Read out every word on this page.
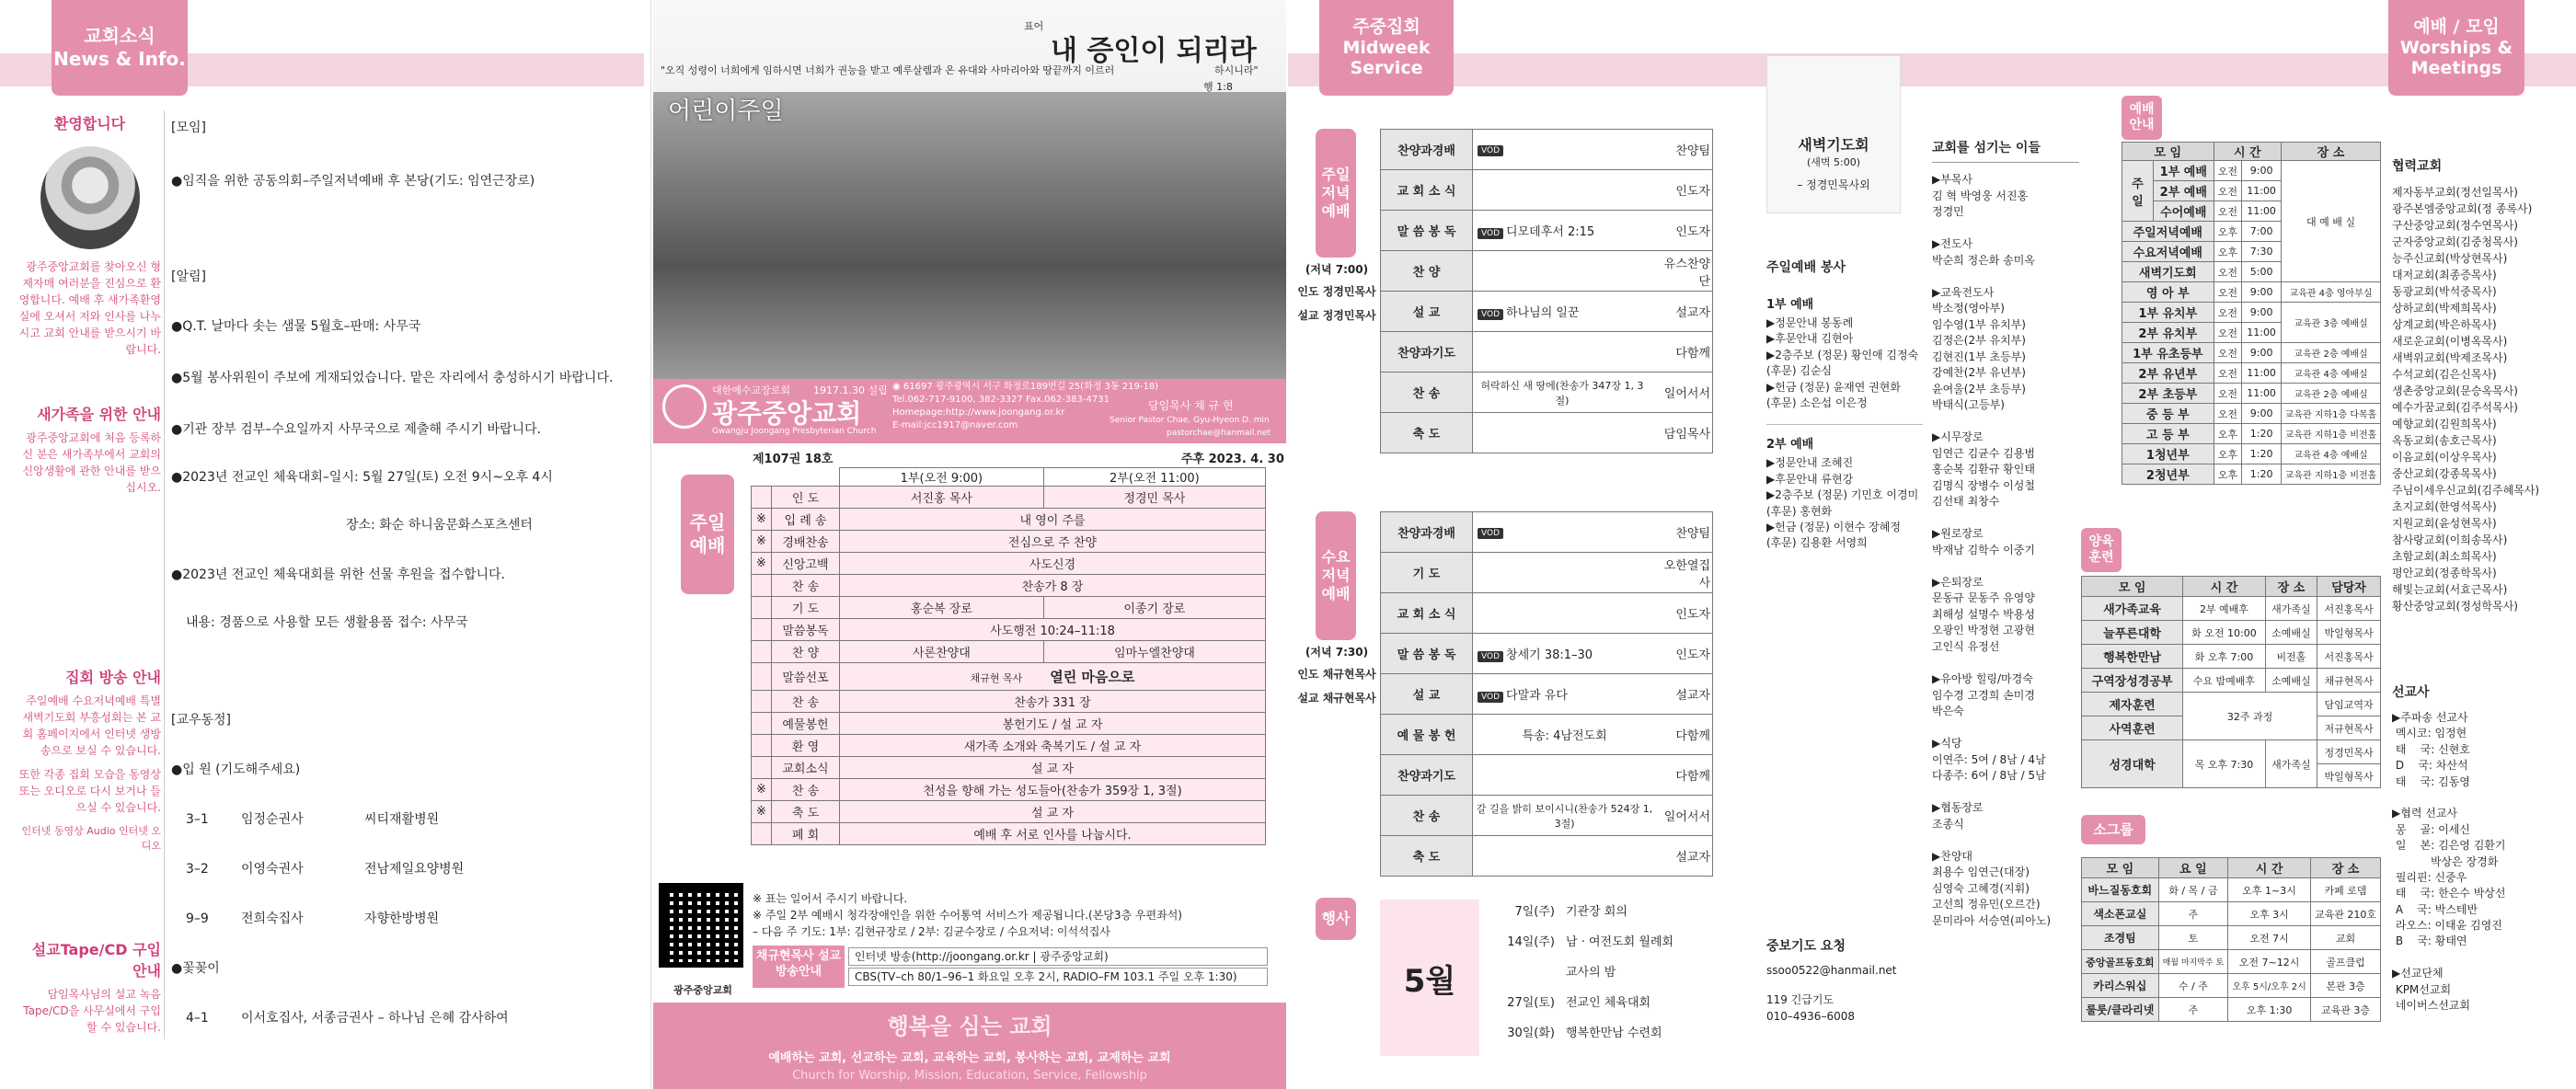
교회소식
News & Info.
환영합니다
광주중앙교회를 찾아오신 형제자매 여러분을 진심으로 환영합니다. 예배 후 새가족환영실에 오셔서 저와 인사를 나누시고 교회 안내를 받으시기 바랍니다.
새가족을 위한 안내
광주중앙교회에 처음 등록하신 분은 새가족부에서 교회의 신앙생활에 관한 안내를 받으십시오.
집회 방송 안내
주일예배 수요저녁예배 특별새벽기도회 부흥성회는 본 교회 홈페이지에서 인터넷 생방송으로 보실 수 있습니다.
또한 각종 집회 모습을 동영상 또는 오디오로 다시 보거나 들으실 수 있습니다.
인터넷 동영상 Audio 인터넷 오디오
설교Tape/CD 구입안내
담임목사님의 설교 녹음 Tape/CD을 사무실에서 구입할 수 있습니다.
[모임]
●임직을 위한 공동의회–주일저녁예배 후 본당(기도: 임연근장로)
[알림]
●Q.T. 날마다 솟는 샘물 5월호–판매: 사무국
●5월 봉사위원이 주보에 게재되었습니다. 맡은 자리에서 충성하시기 바랍니다.
●기관 장부 검부–수요일까지 사무국으로 제출해 주시기 바랍니다.
●2023년 전교인 체육대회–일시: 5월 27일(토) 오전 9시~오후 4시
장소: 화순 하니움문화스포츠센터
●2023년 전교인 체육대회를 위한 선물 후원을 접수합니다.
내용: 경품으로 사용할 모든 생활용품 접수: 사무국
[교우동정]
●입 원 (기도해주세요)
3–1	임정순권사	씨티재활병원
3–2	이영숙권사	전남제일요양병원
9–9	전희숙집사	자향한방병원
●꽃꽂이
4–1	이서호집사, 서종금권사 – 하나님 은혜 감사하여
"오직 성령이 너희에게 임하시면 너희가 권능을 받고 예루살렘과 온 유대와 사마리아와 땅끝까지 이르러
표어
내 증인이 되리라
하시니라"
행 1:8
어린이주일
대한예수교장로회 1917.1.30 설립
광주중앙교회
Gwangju Joongang Presbyterian Church
◉ 61697 광주광역시 서구 화정로189번길 25(화정 3동 219-18)
Tel.062-717-9100, 382-3327 Fax.062-383-4731
Homepage:http://www.joongang.or.kr
E-mail:jcc1917@naver.com
담임목사 채 규 현
Senior Pastor Chae, Gyu-Hyeon D. min
pastorchae@hanmail.net
주일 예배
제107권 18호	주후 2023. 4. 30
		1부(오전 9:00)	2부(오전 11:00)
	인 도	서진홍 목사	정경민 목사
※	입 례 송	내 영이 주를	
※	경배찬송	전심으로 주 찬양	
※	신앙고백	사도신경	
	찬 송	찬송가 8 장	
	기 도	홍순복 장로	이종기 장로
	말씀봉독	사도행전 10:24–11:18	
	찬 양	사론찬양대	임마누엘찬양대
	말씀선포	채규현 목사 열린 마음으로	
	찬 송	찬송가 331 장	
	예물봉헌	봉헌기도 / 설 교 자	
	환 영	새가족 소개와 축복기도 / 설 교 자	
	교회소식	설 교 자	
※	찬 송	천성을 향해 가는 성도들아(찬송가 359장 1, 3절)	
※	축 도	설 교 자	
	폐 회	예배 후 서로 인사를 나눕시다.	
※ 표는 일어서 주시기 바랍니다.
※ 주일 2부 예배시 청각장애인을 위한 수어통역 서비스가 제공됩니다.(본당3층 우편좌석)
– 다음 주 기도: 1부: 김현규장로 / 2부: 김균수장로 / 수요저녁: 이석석집사
광주중앙교회
채규현목사 설교방송안내
인터넷 방송(http://joongang.or.kr | 광주중앙교회)
CBS(TV–ch 80/1–96–1 화요일 오후 2시, RADIO–FM 103.1 주일 오후 1:30)
행복을 심는 교회
예배하는 교회, 선교하는 교회, 교육하는 교회, 봉사하는 교회, 교제하는 교회
Church for Worship, Mission, Education, Service, Fellowship
주중집회
Midweek
Service
주일 저녁 예배
(저녁 7:00)
인도 정경민목사
설교 정경민목사
찬양과경배	VOD	찬양팀
교 회 소 식		인도자
말 씀 봉 독	VOD 디모데후서 2:15	인도자
찬 양		유스찬양단
설 교	VOD 하나님의 일꾼	설교자
찬양과기도		다함께
찬 송	허락하신 새 땅에(찬송가 347장 1, 3절)	일어서서
축 도		담임목사
수요 저녁 예배
(저녁 7:30)
인도 채규현목사
설교 채규현목사
찬양과경배	VOD	찬양팀
기 도		오한열집사
교 회 소 식		인도자
말 씀 봉 독	VOD 창세기 38:1–30	인도자
설 교	VOD 다말과 유다	설교자
예 물 봉 헌	특송: 4남전도회	다함께
찬양과기도		다함께
찬 송	갈 길을 밝히 보이시니(찬송가 524장 1, 3절)	일어서서
축 도		설교자
행사
5월
7일(주) 기관장 회의
14일(주) 남 · 여전도회 월례회
교사의 밤
27일(토) 전교인 체육대회
30일(화) 행복한만남 수련회
새벽기도회
(새벽 5:00)
– 정경민목사외
주일예배 봉사
1부 예배
▶정문안내 봉동례
▶후문안내 김현아
▶2층주보 (정문) 황인애 김정숙
(후문) 김순심
▶헌금 (정문) 윤재연 권현화
(후문) 소은섭 이은정
2부 예배
▶정문안내 조혜진
▶후문안내 류현강
▶2층주보 (정문) 기민호 이경미
(후문) 홍현화
▶헌금 (정문) 이현수 장혜정
(후문) 김용환 서영희
중보기도 요청
ssoo0522@hanmail.net
119 긴급기도
010–4936–6008
교회를 섬기는 이들
▶부목사
김 혁 박영웅 서진홍
정경민

▶전도사
박순희 정은화 송미옥

▶교육전도사
박소정(영아부)
임수영(1부 유치부)
김정은(2부 유치부)
김현진(1부 초등부)
강예찬(2부 유년부)
윤여울(2부 초등부)
박태식(고등부)

▶시무장로
임연근 김균수 김용범
홍순복 김환규 황인태
김명식 장병수 이성철
김선태 최창수

▶원로장로
박재남 김학수 이중기

▶은퇴장로
문동규 문동주 유영양
최해성 설명수 박용성
오광인 박정현 고광현
고인식 유정선

▶유아방 힐링/마경숙
임수경 고경희 손미경
박은숙

▶식당
이연주: 5여 / 8남 / 4남
다종주: 6여 / 8남 / 5남

▶협동장로
조종식

▶찬양대
최용수 임연근(대장)
심영숙 고혜경(지휘)
고선희 정유민(오르간)
문미라아 서승연(피아노)
예배 / 모임
Worships &
Meetings
예배 안내
모 임		시 간		장 소
주 일	1부 예배	오전	9:00	대 예 배 실
	2부 예배	오전	11:00	
	수어예배	오전	11:00	
주일저녁예배		오후	7:00	
수요저녁예배		오후	7:30	
새벽기도회		오전	5:00	
영 아 부		오전	9:00	교육관 4층 영아부실
1부 유치부		오전	9:00	교육관 3층 예배실
2부 유치부		오전	11:00	
1부 유초등부		오전	9:00	교육관 2층 예배실
2부 유년부		오전	11:00	교육관 4층 예배실
2부 초등부		오전	11:00	교육관 2층 예배실
중 등 부		오전	9:00	교육관 지하1층 다목홀
고 등 부		오후	1:20	교육관 지하1층 비전홀
1청년부		오후	1:20	교육관 4층 예배실
2청년부		오후	1:20	교육관 지하1층 비전홀
양육 훈련
모 임	시 간	장 소	담당자
새가족교육	2부 예배후	새가족실	서진홍목사
늘푸른대학	화 오전 10:00	소예배실	박일형목사
행복한만남	화 오후 7:00	비전홀	서진홍목사
구역장성경공부	수요 밤예배후	소예배실	채규현목사
제자훈련	32주 과정		담임교역자
사역훈련			저규현목사
성경대학	목 오후 7:30	새가족실	정경민목사
			박일형목사
소그룹
모 임	요 일	시 간	장 소
바느질동호회	화 / 목 / 금	오후 1~3시	카페 로뎀
색소폰교실	주	오후 3시	교육관 210호
조경팀	토	오전 7시	교회
중앙골프동호회	매월 마지막주 토	오전 7~12시	골프클럽
카리스워십	수 / 주	오후 5시/오후 2시	본관 3층
룰룻/클라리넷	주	오후 1:30	교육관 3층
협력교회
제자동부교회(정선일목사)
광주본엠중앙교회(정 종록사)
구산중앙교회(정수연목사)
군자중앙교회(김중청목사)
능주신교회(박상현목사)
대저교회(최종증목사)
동광교회(박석중목사)
상하교회(박제희목사)
상계교회(박은하목사)
새로운교회(이병옥목사)
새벽위교회(박제조목사)
수석교회(김은신목사)
생촌중앙교회(문승옥목사)
예수가꿈교회(김주석목사)
예향교회(김원희목사)
옥동교회(송호근목사)
이음교회(이상우목사)
중산교회(강종목목사)
주님이세우신교회(김주혜목사)
초지교회(한영석목사)
지원교회(윤성현목사)
참사랑교회(이희송목사)
초함교회(최소희목사)
평안교회(정종학목사)
해빛는교회(서효근목사)
황산중앙교회(정성학목사)
선교사
▶주파송 선교사
멕시코: 임정현
태    국: 신현호
D    국: 차산석
태    국: 김동영

▶협력 선교사
몽    골: 이세신
일    본: 김은영 김환기
박상은 장경화
필리핀: 신중우
태    국: 한은수 박상선
A    국: 박스테반
라오스: 이태윤 김영진
B    국: 황태연

▶선교단체
KPM선교회
네이버스선교회
